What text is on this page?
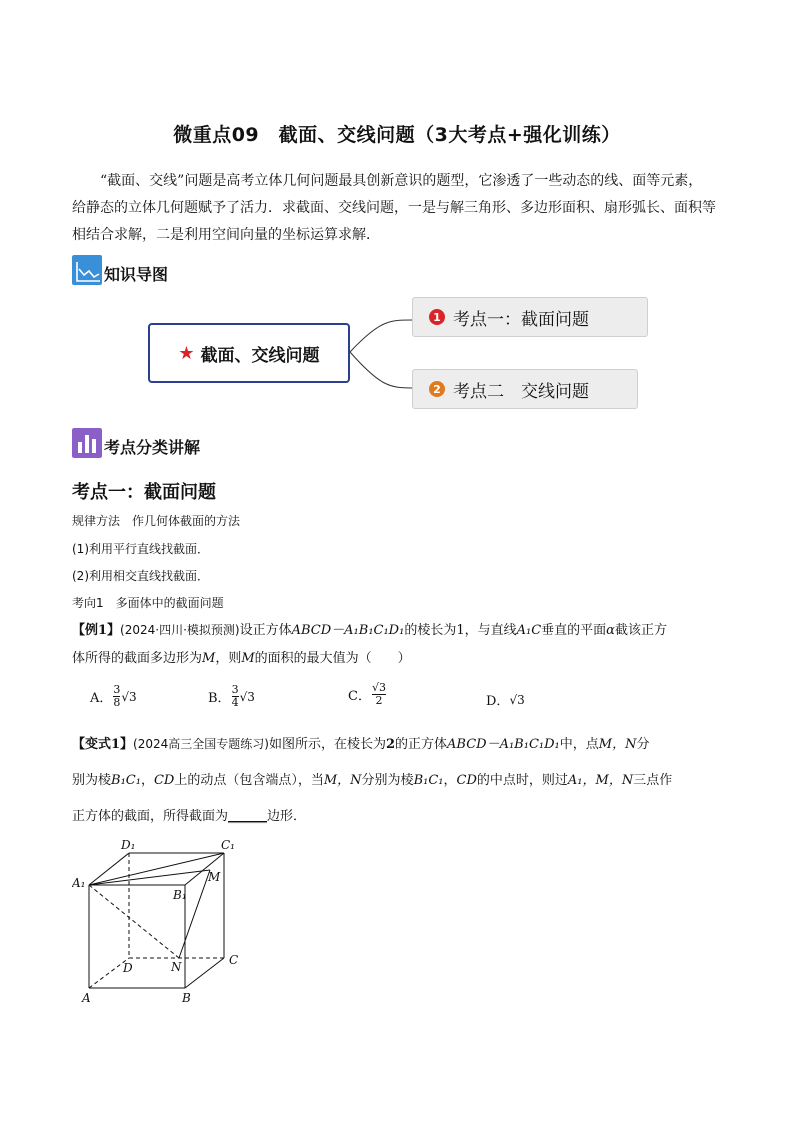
微重点09　截面、交线问题（3大考点+强化训练）
“截面、交线”问题是高考立体几何问题最具创新意识的题型，它渗透了一些动态的线、面等元素，
给静态的立体几何题赋予了活力．求截面、交线问题，一是与解三角形、多边形面积、扇形弧长、面积等
相结合求解，二是利用空间向量的坐标运算求解．
知识导图
★ 截面、交线问题
1 考点一：截面问题
2 考点二　交线问题
考点分类讲解
考点一：截面问题
规律方法　作几何体截面的方法
(1)利用平行直线找截面．
(2)利用相交直线找截面．
考向1　多面体中的截面问题
【例1】(2024·四川·模拟预测)设正方体ABCD－A₁B₁C₁D₁的棱长为1，与直线A₁C垂直的平面α截该正方
体所得的截面多边形为M，则M的面积的最大值为（　　）
A． $\frac{3}{8} √3$	B． $\frac{3}{4} √3$	C． $\frac{√3}{2}$	D． √3
【变式1】(2024高三全国专题练习)如图所示，在棱长为2的正方体ABCD－A₁B₁C₁D₁中，点M，N分
别为棱B₁C₁，CD上的动点（包含端点），当M，N分别为棱B₁C₁，CD的中点时，则过A₁，M，N三点作
正方体的截面，所得截面为______边形．
D₁	C₁
A₁
B₁
M
D	N	C
A	B
